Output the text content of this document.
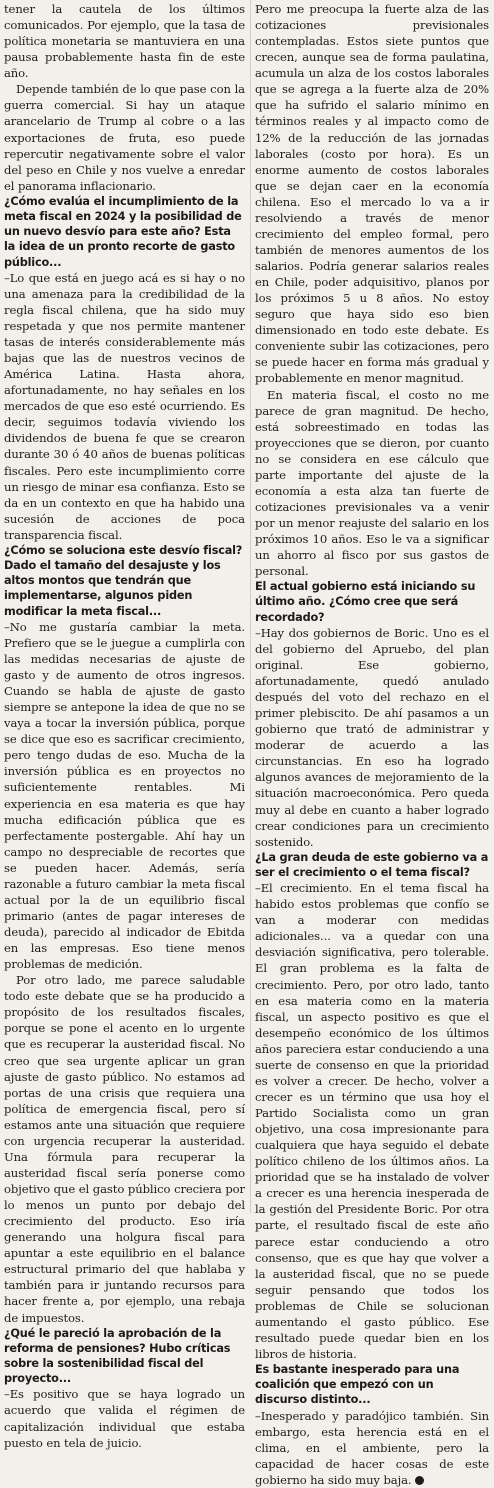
tener la cautela de los últimos comunicados. Por ejemplo, que la tasa de política monetaria se mantuviera en una pausa probablemente hasta fin de este año.

Depende también de lo que pase con la guerra comercial. Si hay un ataque arancelario de Trump al cobre o a las exportaciones de fruta, eso puede repercutir negativamente sobre el valor del peso en Chile y nos vuelve a enredar el panorama inflacionario.

¿Cómo evalúa el incumplimiento de la meta fiscal en 2024 y la posibilidad de un nuevo desvío para este año? Esta la idea de un pronto recorte de gasto público...

–Lo que está en juego acá es si hay o no una amenaza para la credibilidad de la regla fiscal chilena, que ha sido muy respetada y que nos permite mantener tasas de interés considerablemente más bajas que las de nuestros vecinos de América Latina. Hasta ahora, afortunadamente, no hay señales en los mercados de que eso esté ocurriendo. Es decir, seguimos todavía viviendo los dividendos de buena fe que se crearon durante 30 ó 40 años de buenas políticas fiscales. Pero este incumplimiento corre un riesgo de minar esa confianza. Esto se da en un contexto en que ha habido una sucesión de acciones de poca transparencia fiscal.

¿Cómo se soluciona este desvío fiscal? Dado el tamaño del desajuste y los altos montos que tendrán que implementarse, algunos piden modificar la meta fiscal...

–No me gustaría cambiar la meta. Prefiero que se le juegue a cumplirla con las medidas necesarias de ajuste de gasto y de aumento de otros ingresos. Cuando se habla de ajuste de gasto siempre se antepone la idea de que no se vaya a tocar la inversión pública, porque se dice que eso es sacrificar crecimiento, pero tengo dudas de eso. Mucha de la inversión pública es en proyectos no suficientemente rentables. Mi experiencia en esa materia es que hay mucha edificación pública que es perfectamente postergable. Ahí hay un campo no despreciable de recortes que se pueden hacer. Además, sería razonable a futuro cambiar la meta fiscal actual por la de un equilibrio fiscal primario (antes de pagar intereses de deuda), parecido al indicador de Ebitda en las empresas. Eso tiene menos problemas de medición.

Por otro lado, me parece saludable todo este debate que se ha producido a propósito de los resultados fiscales, porque se pone el acento en lo urgente que es recuperar la austeridad fiscal. No creo que sea urgente aplicar un gran ajuste de gasto público. No estamos ad portas de una crisis que requiera una política de emergencia fiscal, pero sí estamos ante una situación que requiere con urgencia recuperar la austeridad. Una fórmula para recuperar la austeridad fiscal sería ponerse como objetivo que el gasto público creciera por lo menos un punto por debajo del crecimiento del producto. Eso iría generando una holgura fiscal para apuntar a este equilibrio en el balance estructural primario del que hablaba y también para ir juntando recursos para hacer frente a, por ejemplo, una rebaja de impuestos.

¿Qué le pareció la aprobación de la reforma de pensiones? Hubo críticas sobre la sostenibilidad fiscal del proyecto...

–Es positivo que se haya logrado un acuerdo que valida el régimen de capitalización individual que estaba puesto en tela de juicio.

Pero me preocupa la fuerte alza de las cotizaciones previsionales contempladas. Estos siete puntos que crecen, aunque sea de forma paulatina, acumula un alza de los costos laborales que se agrega a la fuerte alza de 20% que ha sufrido el salario mínimo en términos reales y al impacto como de 12% de la reducción de las jornadas laborales (costo por hora). Es un enorme aumento de costos laborales que se dejan caer en la economía chilena. Eso el mercado lo va a ir resolviendo a través de menor crecimiento del empleo formal, pero también de menores aumentos de los salarios. Podría generar salarios reales en Chile, poder adquisitivo, planos por los próximos 5 u 8 años. No estoy seguro que haya sido eso bien dimensionado en todo este debate. Es conveniente subir las cotizaciones, pero se puede hacer en forma más gradual y probablemente en menor magnitud.

En materia fiscal, el costo no me parece de gran magnitud. De hecho, está sobreestimado en todas las proyecciones que se dieron, por cuanto no se considera en ese cálculo que parte importante del ajuste de la economía a esta alza tan fuerte de cotizaciones previsionales va a venir por un menor reajuste del salario en los próximos 10 años. Eso le va a significar un ahorro al fisco por sus gastos de personal.

El actual gobierno está iniciando su último año. ¿Cómo cree que será recordado?

–Hay dos gobiernos de Boric. Uno es el del gobierno del Apruebo, del plan original. Ese gobierno, afortunadamente, quedó anulado después del voto del rechazo en el primer plebiscito. De ahí pasamos a un gobierno que trató de administrar y moderar de acuerdo a las circunstancias. En eso ha logrado algunos avances de mejoramiento de la situación macroeconómica. Pero queda muy al debe en cuanto a haber logrado crear condiciones para un crecimiento sostenido.

¿La gran deuda de este gobierno va a ser el crecimiento o el tema fiscal?

–El crecimiento. En el tema fiscal ha habido estos problemas que confío se van a moderar con medidas adicionales... va a quedar con una desviación significativa, pero tolerable. El gran problema es la falta de crecimiento. Pero, por otro lado, tanto en esa materia como en la materia fiscal, un aspecto positivo es que el desempeño económico de los últimos años pareciera estar conduciendo a una suerte de consenso en que la prioridad es volver a crecer. De hecho, volver a crecer es un término que usa hoy el Partido Socialista como un gran objetivo, una cosa impresionante para cualquiera que haya seguido el debate político chileno de los últimos años. La prioridad que se ha instalado de volver a crecer es una herencia inesperada de la gestión del Presidente Boric. Por otra parte, el resultado fiscal de este año parece estar conduciendo a otro consenso, que es que hay que volver a la austeridad fiscal, que no se puede seguir pensando que todos los problemas de Chile se solucionan aumentando el gasto público. Ese resultado puede quedar bien en los libros de historia.

Es bastante inesperado para una coalición que empezó con un discurso distinto...

–Inesperado y paradójico también. Sin embargo, esta herencia está en el clima, en el ambiente, pero la capacidad de hacer cosas de este gobierno ha sido muy baja.
